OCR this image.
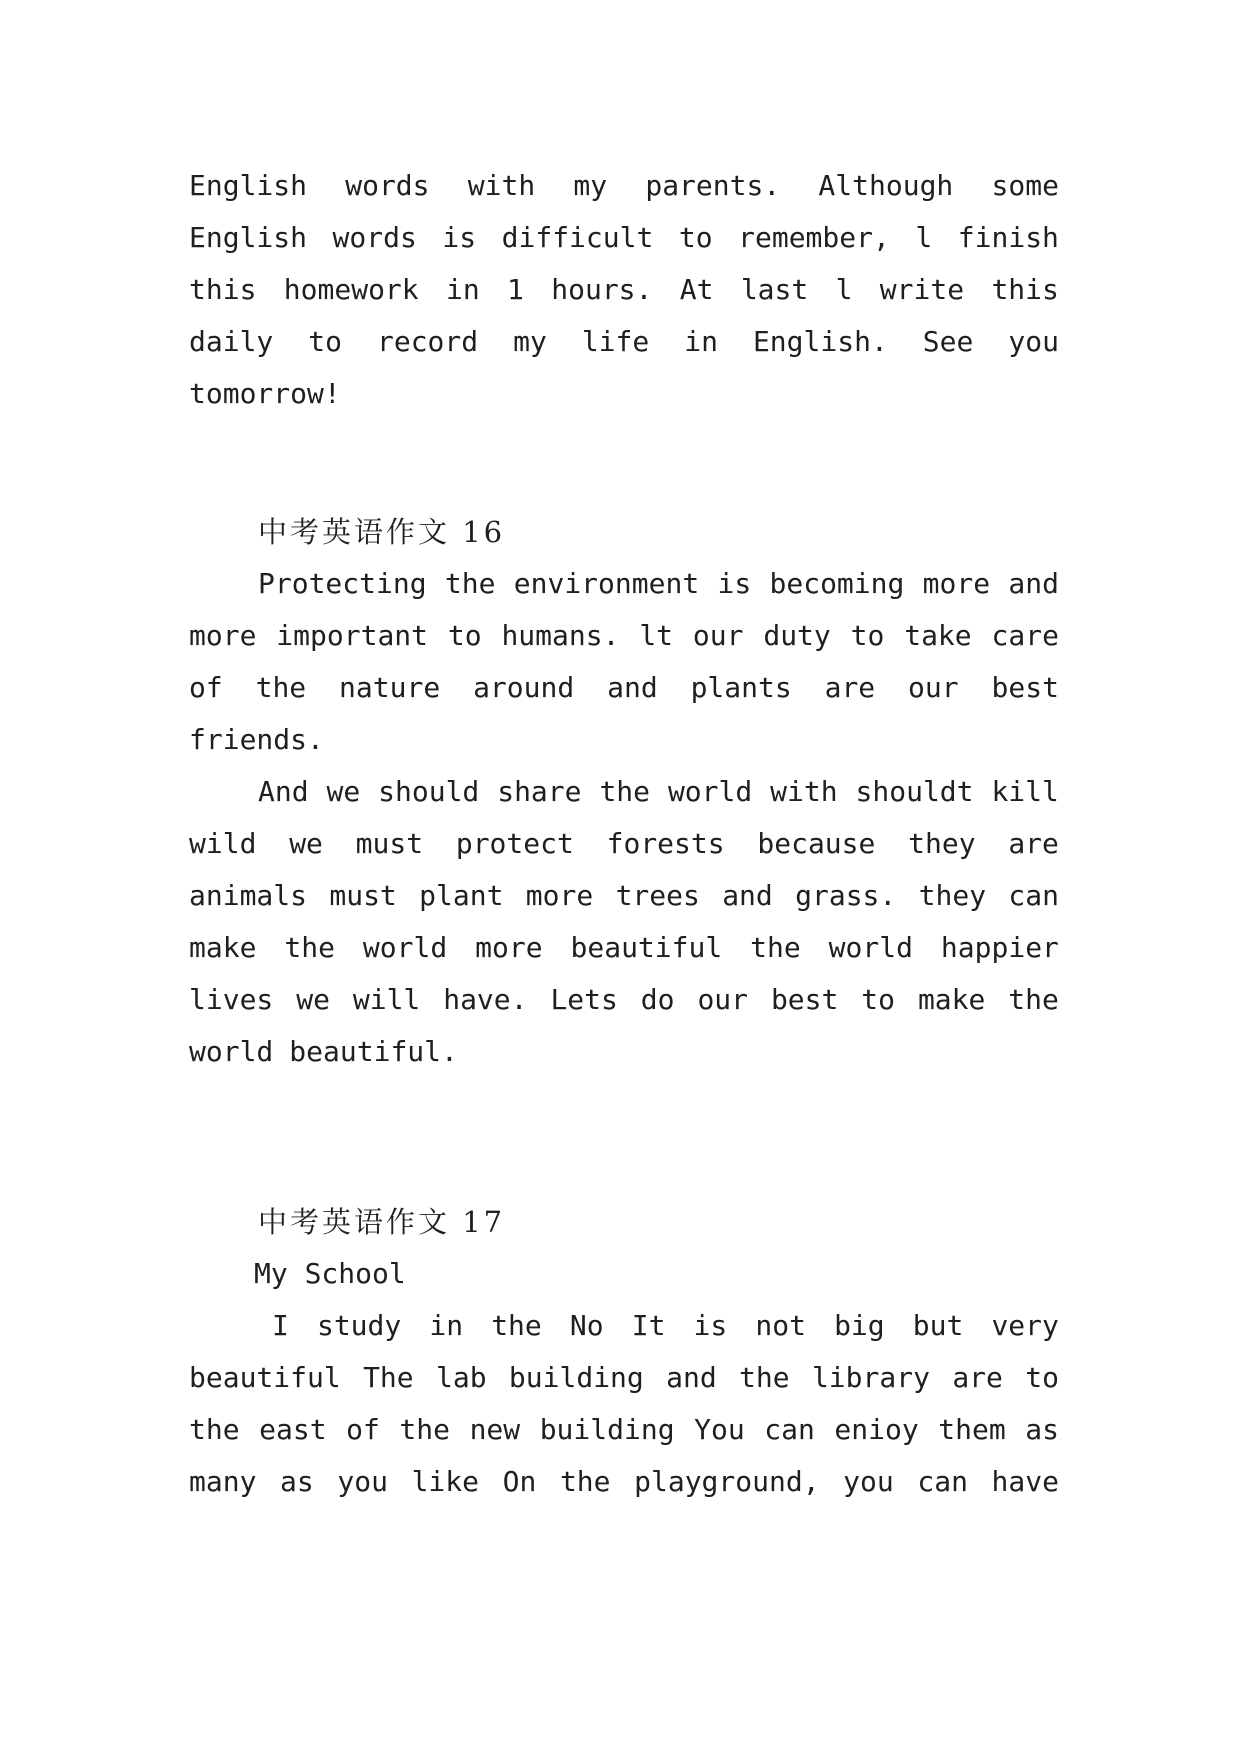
English words with my parents. Although some
English words is difficult to remember, l finish
this homework in 1 hours. At last l write this
daily to record my life in English. See you
tomorrow!
中考英语作文 16
Protecting the environment is becoming more and
more important to humans. lt our duty to take care
of the nature around and plants are our best
friends.
And we should share the world with shouldt kill
wild we must protect forests because they are
animals must plant more trees and grass. they can
make the world more beautiful the world happier
lives we will have. Lets do our best to make the
world beautiful.
中考英语作文 17
My School
I study in the No It is not big but very
beautiful The lab building and the library are to
the east of the new building You can enioy them as
many as you like On the playground, you can have
